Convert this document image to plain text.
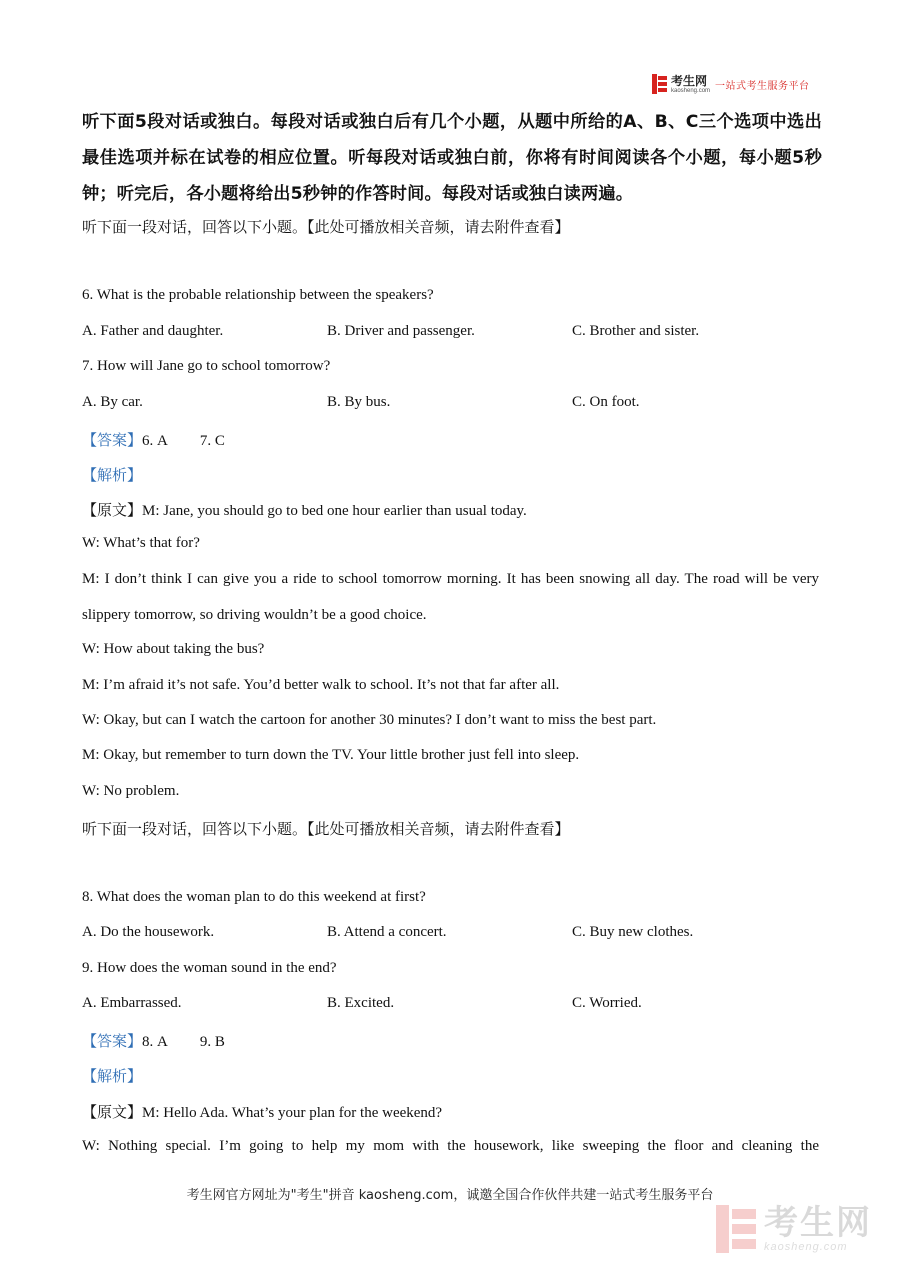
考生网
kaosheng.com 一站式考生服务平台
听下面5段对话或独白。每段对话或独白后有几个小题，从题中所给的A、B、C三个选项中选出最佳选项并标在试卷的相应位置。听每段对话或独白前，你将有时间阅读各个小题，每小题5秒钟；听完后，各小题将给出5秒钟的作答时间。每段对话或独白读两遍。
听下面一段对话，回答以下小题。【此处可播放相关音频，请去附件查看】
6. What is the probable relationship between the speakers?
A. Father and daughter.	B. Driver and passenger.	C. Brother and sister.
7. How will Jane go to school tomorrow?
A. By car.	B. By bus.	C. On foot.
【答案】6. A 7. C
【解析】
【原文】M: Jane, you should go to bed one hour earlier than usual today.
W: What’s that for?
M: I don’t think I can give you a ride to school tomorrow morning. It has been snowing all day. The road will be very slippery tomorrow, so driving wouldn’t be a good choice.
W: How about taking the bus?
M: I’m afraid it’s not safe. You’d better walk to school. It’s not that far after all.
W: Okay, but can I watch the cartoon for another 30 minutes? I don’t want to miss the best part.
M: Okay, but remember to turn down the TV. Your little brother just fell into sleep.
W: No problem.
听下面一段对话，回答以下小题。【此处可播放相关音频，请去附件查看】
8. What does the woman plan to do this weekend at first?
A. Do the housework.	B. Attend a concert.	C. Buy new clothes.
9. How does the woman sound in the end?
A. Embarrassed.	B. Excited.	C. Worried.
【答案】8. A 9. B
【解析】
【原文】M: Hello Ada. What’s your plan for the weekend?
W: Nothing special. I’m going to help my mom with the housework, like sweeping the floor and cleaning the
考生网官方网址为"考生"拼音 kaosheng.com，诚邀全国合作伙伴共建一站式考生服务平台
考生网
kaosheng.com
